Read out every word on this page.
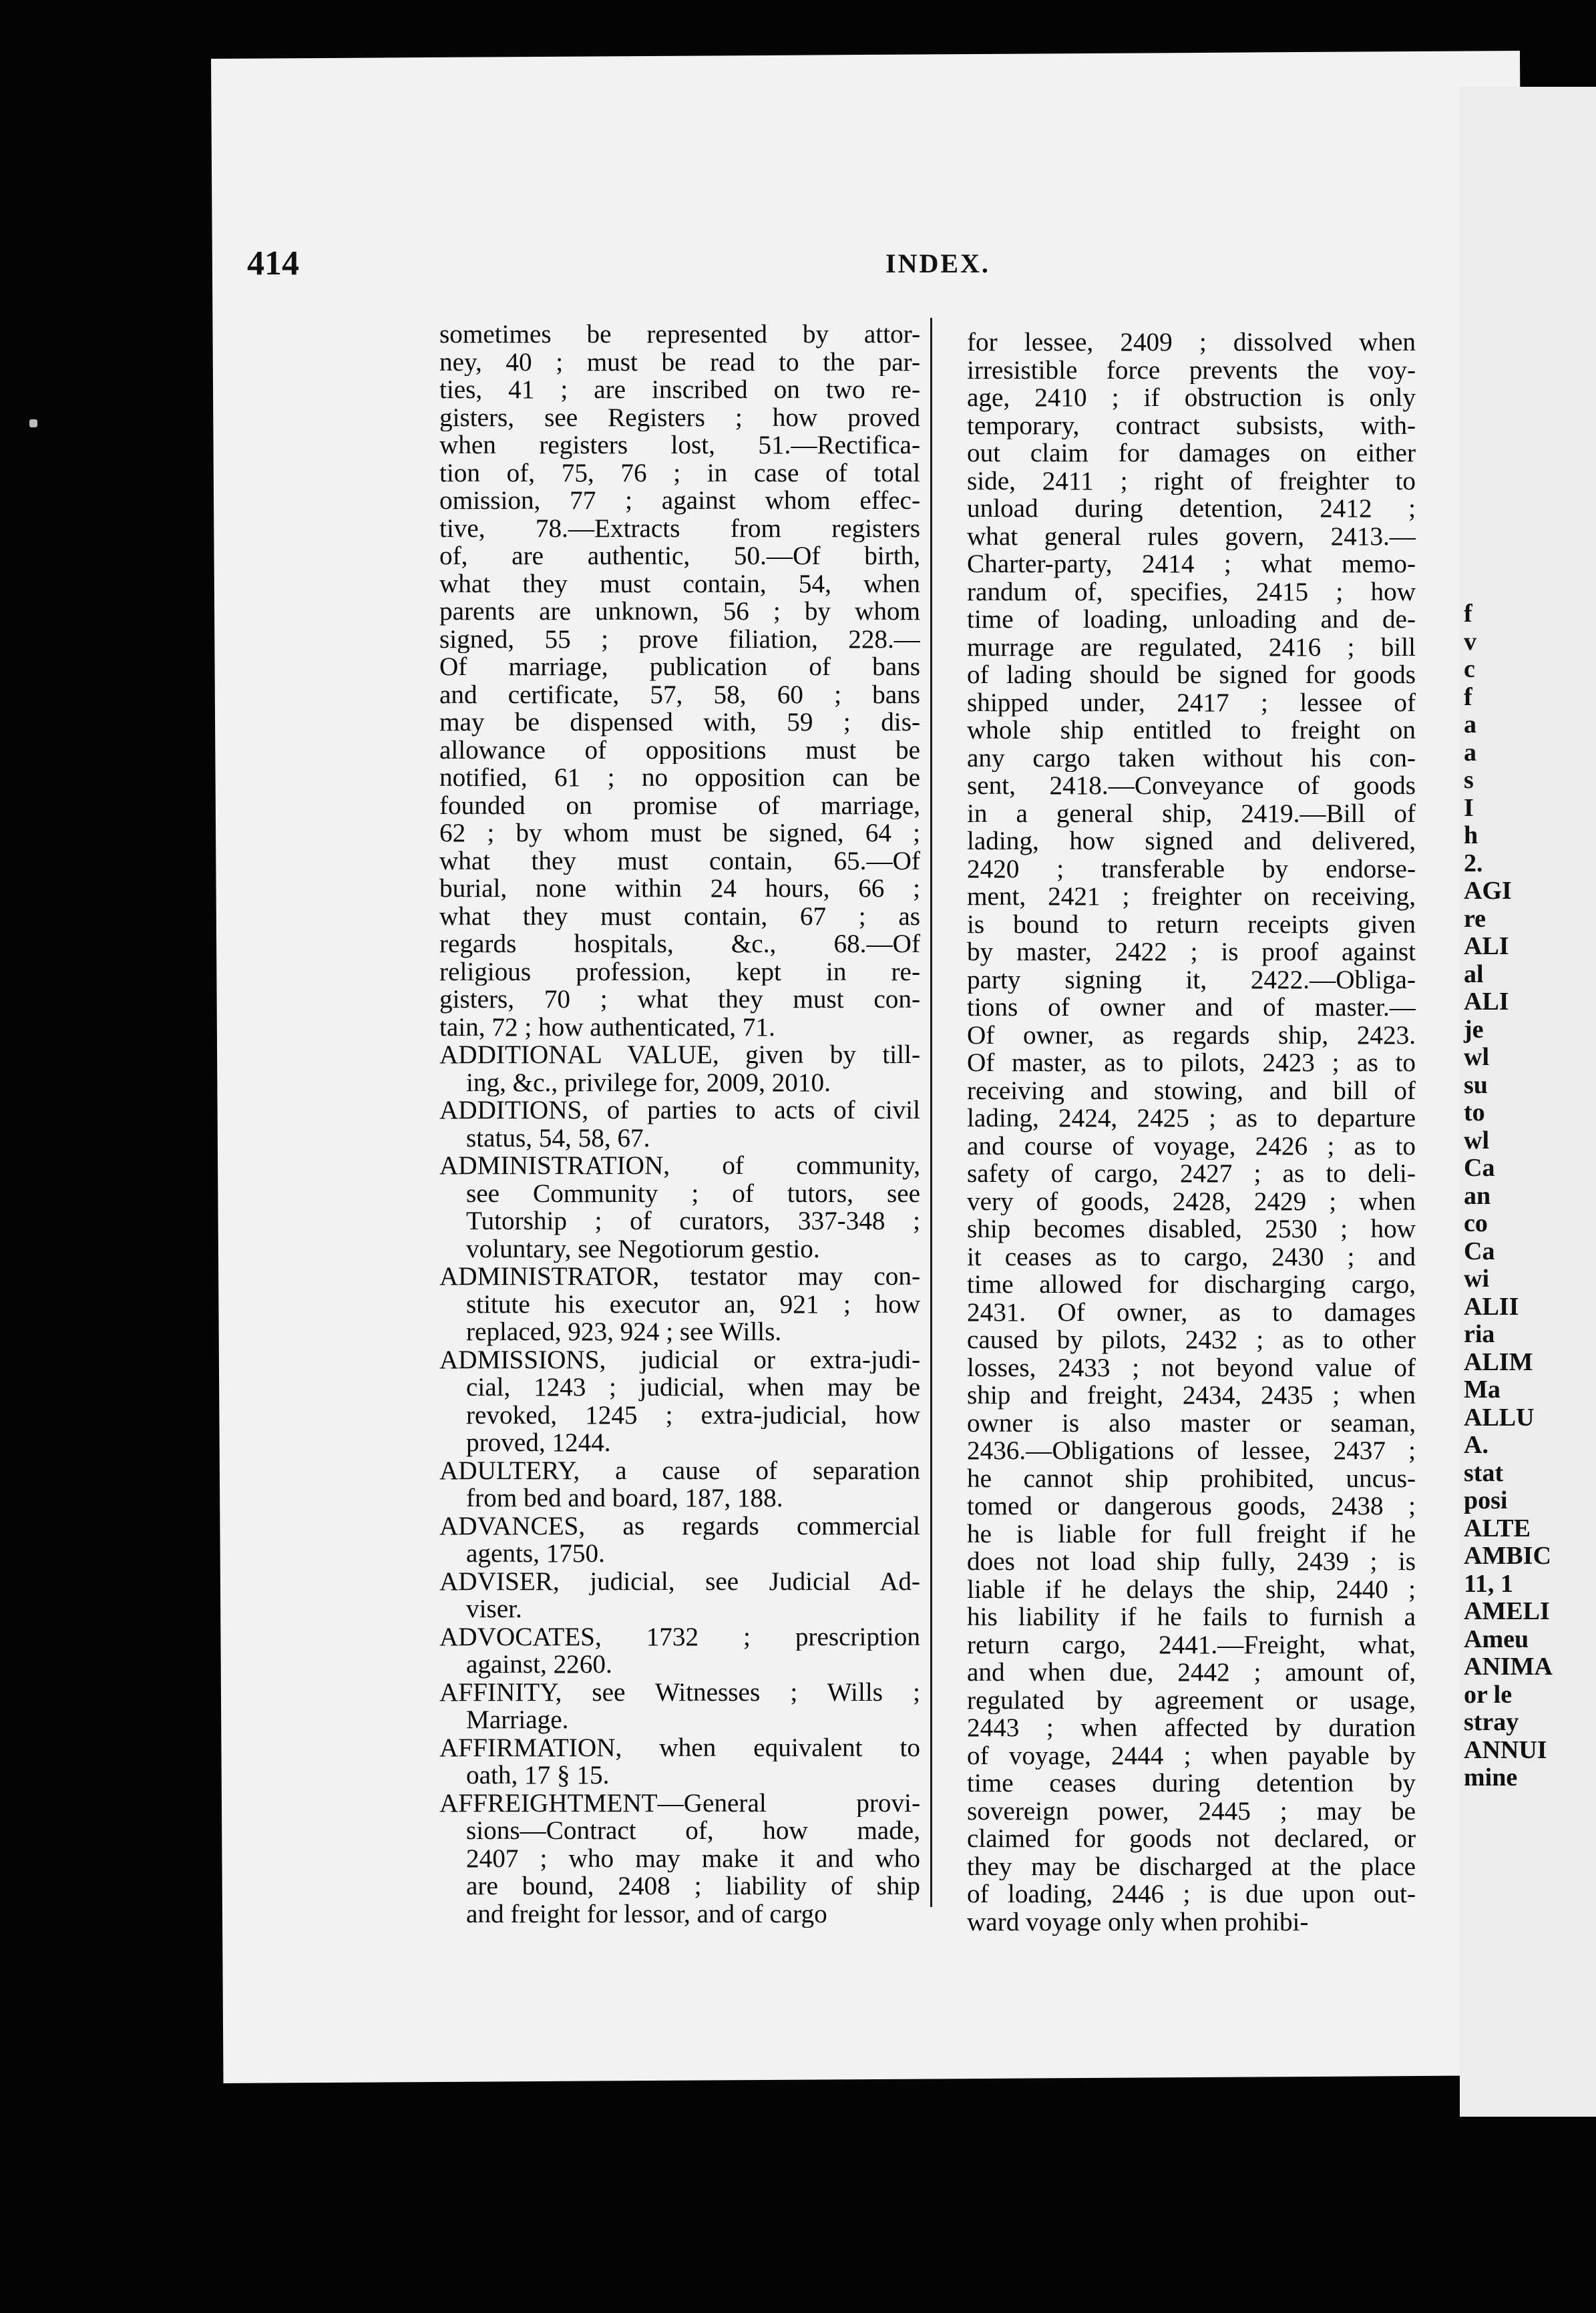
f
v
c
f
a
a
s
I
h
2.
AGI
re
ALI
al
ALI
je
wl
su
to
wl
Ca
an
co
Ca
wi
ALII
ria
ALIM
Ma
ALLU
A.
stat
posi
ALTE
AMBIC
11, 1
AMELI
Ameu
ANIMA
or le
stray
ANNUI
mine
414	INDEX.
sometimes be represented by attor-
ney, 40 ; must be read to the par-
ties, 41 ; are inscribed on two re-
gisters, see Registers ; how proved
when registers lost, 51.—Rectifica-
tion of, 75, 76 ; in case of total
omission, 77 ; against whom effec-
tive, 78.—Extracts from registers
of, are authentic, 50.—Of birth,
what they must contain, 54, when
parents are unknown, 56 ; by whom
signed, 55 ; prove filiation, 228.—
Of marriage, publication of bans
and certificate, 57, 58, 60 ; bans
may be dispensed with, 59 ; dis-
allowance of oppositions must be
notified, 61 ; no opposition can be
founded on promise of marriage,
62 ; by whom must be signed, 64 ;
what they must contain, 65.—Of
burial, none within 24 hours, 66 ;
what they must contain, 67 ; as
regards hospitals, &c., 68.—Of
religious profession, kept in re-
gisters, 70 ; what they must con-
tain, 72 ; how authenticated, 71.
ADDITIONAL VALUE, given by till-
ing, &c., privilege for, 2009, 2010.
ADDITIONS, of parties to acts of civil
status, 54, 58, 67.
ADMINISTRATION, of community,
see Community ; of tutors, see
Tutorship ; of curators, 337-348 ;
voluntary, see Negotiorum gestio.
ADMINISTRATOR, testator may con-
stitute his executor an, 921 ; how
replaced, 923, 924 ; see Wills.
ADMISSIONS, judicial or extra-judi-
cial, 1243 ; judicial, when may be
revoked, 1245 ; extra-judicial, how
proved, 1244.
ADULTERY, a cause of separation
from bed and board, 187, 188.
ADVANCES, as regards commercial
agents, 1750.
ADVISER, judicial, see Judicial Ad-
viser.
ADVOCATES, 1732 ; prescription
against, 2260.
AFFINITY, see Witnesses ; Wills ;
Marriage.
AFFIRMATION, when equivalent to
oath, 17 § 15.
AFFREIGHTMENT—General provi-
sions—Contract of, how made,
2407 ; who may make it and who
are bound, 2408 ; liability of ship
and freight for lessor, and of cargo
for lessee, 2409 ; dissolved when
irresistible force prevents the voy-
age, 2410 ; if obstruction is only
temporary, contract subsists, with-
out claim for damages on either
side, 2411 ; right of freighter to
unload during detention, 2412 ;
what general rules govern, 2413.—
Charter-party, 2414 ; what memo-
randum of, specifies, 2415 ; how
time of loading, unloading and de-
murrage are regulated, 2416 ; bill
of lading should be signed for goods
shipped under, 2417 ; lessee of
whole ship entitled to freight on
any cargo taken without his con-
sent, 2418.—Conveyance of goods
in a general ship, 2419.—Bill of
lading, how signed and delivered,
2420 ; transferable by endorse-
ment, 2421 ; freighter on receiving,
is bound to return receipts given
by master, 2422 ; is proof against
party signing it, 2422.—Obliga-
tions of owner and of master.—
Of owner, as regards ship, 2423.
Of master, as to pilots, 2423 ; as to
receiving and stowing, and bill of
lading, 2424, 2425 ; as to departure
and course of voyage, 2426 ; as to
safety of cargo, 2427 ; as to deli-
very of goods, 2428, 2429 ; when
ship becomes disabled, 2530 ; how
it ceases as to cargo, 2430 ; and
time allowed for discharging cargo,
2431. Of owner, as to damages
caused by pilots, 2432 ; as to other
losses, 2433 ; not beyond value of
ship and freight, 2434, 2435 ; when
owner is also master or seaman,
2436.—Obligations of lessee, 2437 ;
he cannot ship prohibited, uncus-
tomed or dangerous goods, 2438 ;
he is liable for full freight if he
does not load ship fully, 2439 ; is
liable if he delays the ship, 2440 ;
his liability if he fails to furnish a
return cargo, 2441.—Freight, what,
and when due, 2442 ; amount of,
regulated by agreement or usage,
2443 ; when affected by duration
of voyage, 2444 ; when payable by
time ceases during detention by
sovereign power, 2445 ; may be
claimed for goods not declared, or
they may be discharged at the place
of loading, 2446 ; is due upon out-
ward voyage only when prohibi-
